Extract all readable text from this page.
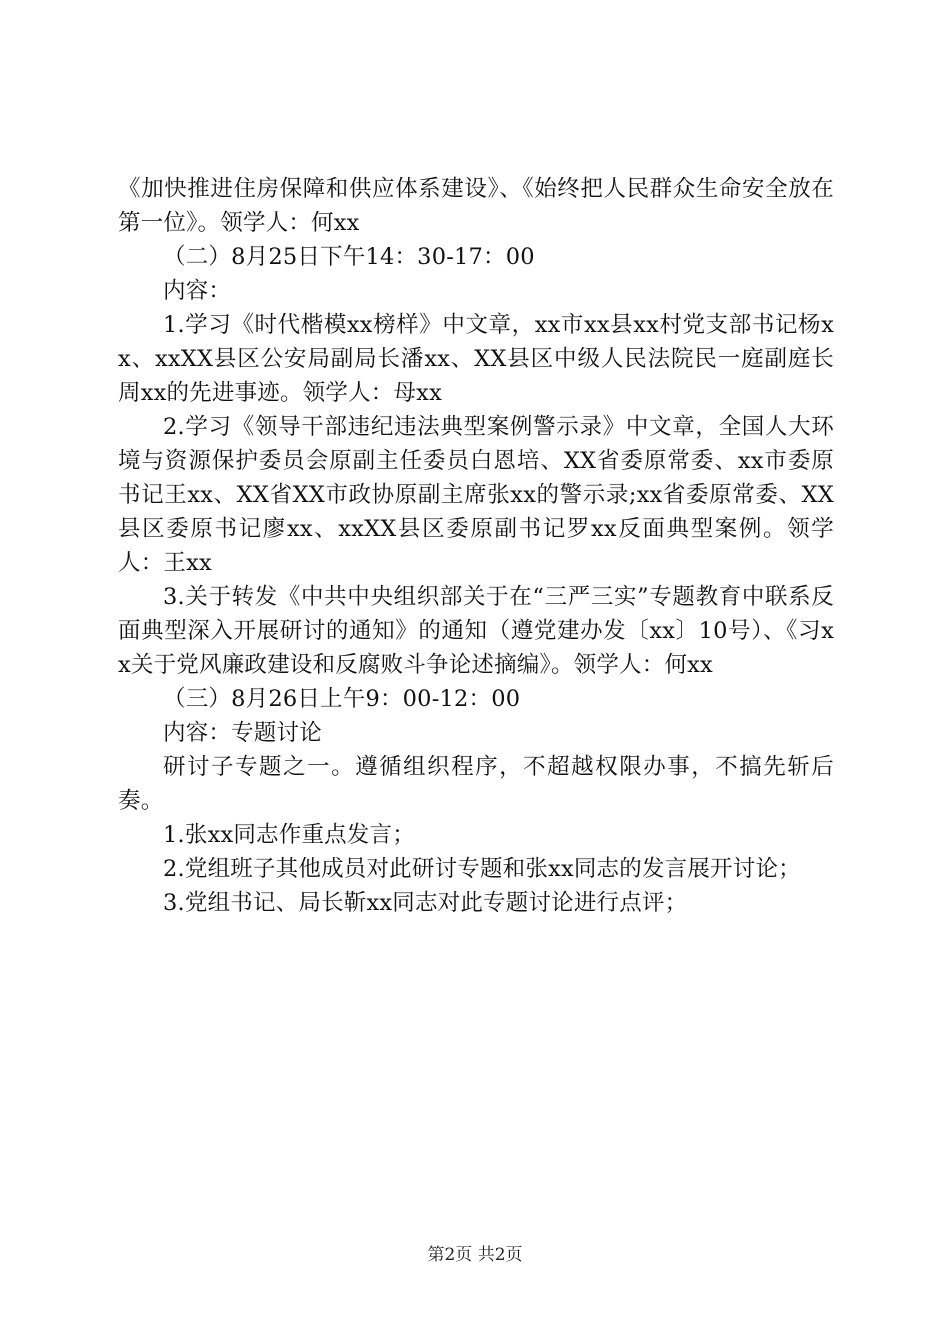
《加快推进住房保障和供应体系建设》、《始终把人民群众生命安全放在第一位》。领学人：何xx

（二）8月25日下午14：30-17：00

内容：

1.学习《时代楷模xx榜样》中文章，xx市xx县xx村党支部书记杨xx、xxXX县区公安局副局长潘xx、XX县区中级人民法院民一庭副庭长周xx的先进事迹。领学人：母xx

2.学习《领导干部违纪违法典型案例警示录》中文章，全国人大环境与资源保护委员会原副主任委员白恩培、XX省委原常委、xx市委原书记王xx、XX省XX市政协原副主席张xx的警示录;xx省委原常委、XX县区委原书记廖xx、xxXX县区委原副书记罗xx反面典型案例。领学人：王xx

3.关于转发《中共中央组织部关于在“三严三实”专题教育中联系反面典型深入开展研讨的通知》的通知（遵党建办发〔xx〕10号）、《习xx关于党风廉政建设和反腐败斗争论述摘编》。领学人：何xx

（三）8月26日上午9：00-12：00

内容：专题讨论

研讨子专题之一。遵循组织程序，不超越权限办事，不搞先斩后奏。

1.张xx同志作重点发言；

2.党组班子其他成员对此研讨专题和张xx同志的发言展开讨论；

3.党组书记、局长靳xx同志对此专题讨论进行点评；

第2页 共2页
